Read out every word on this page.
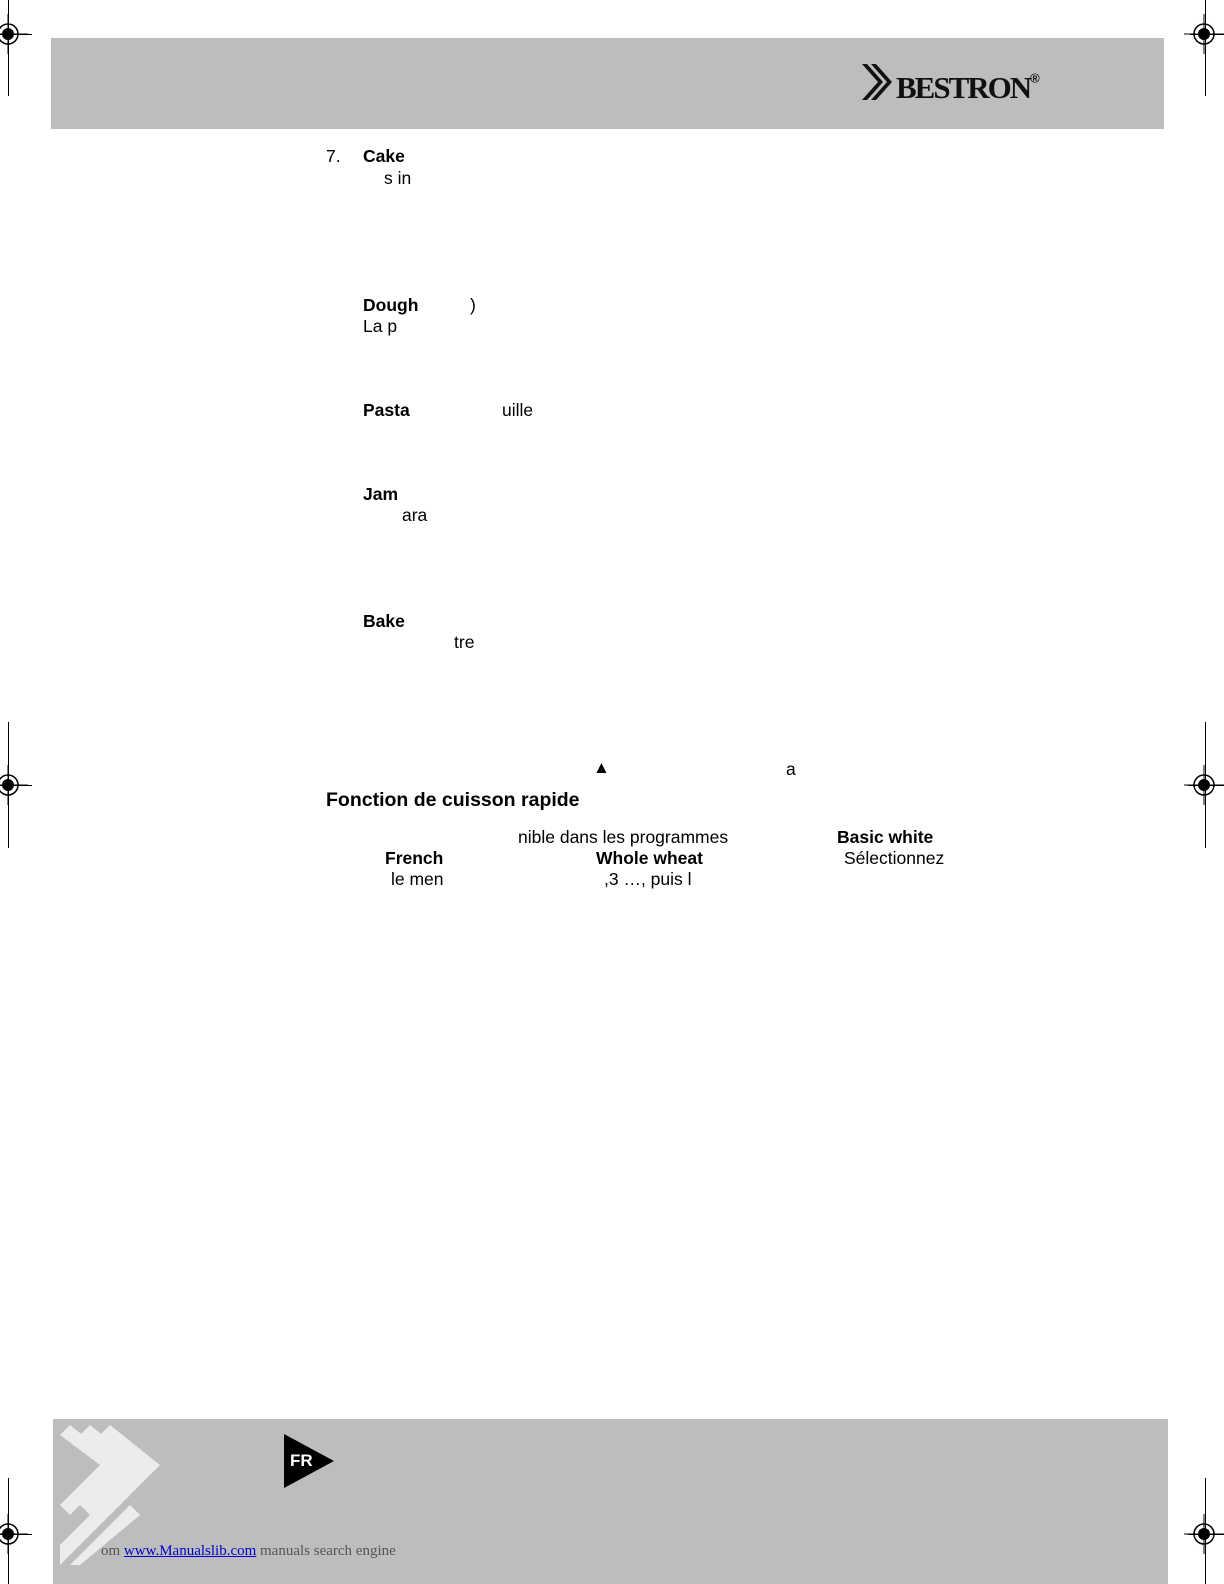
bestron®
7. Cake
s in
Dough	)
La p
Pasta	uille
Jam
ara
Bake
tre
▲	a
Fonction de cuisson rapide
nible dans les programmes	Basic white
French	Whole wheat	Sélectionnez
le men	,3 …, puis l
FR
om www.Manualslib.com manuals search engine
